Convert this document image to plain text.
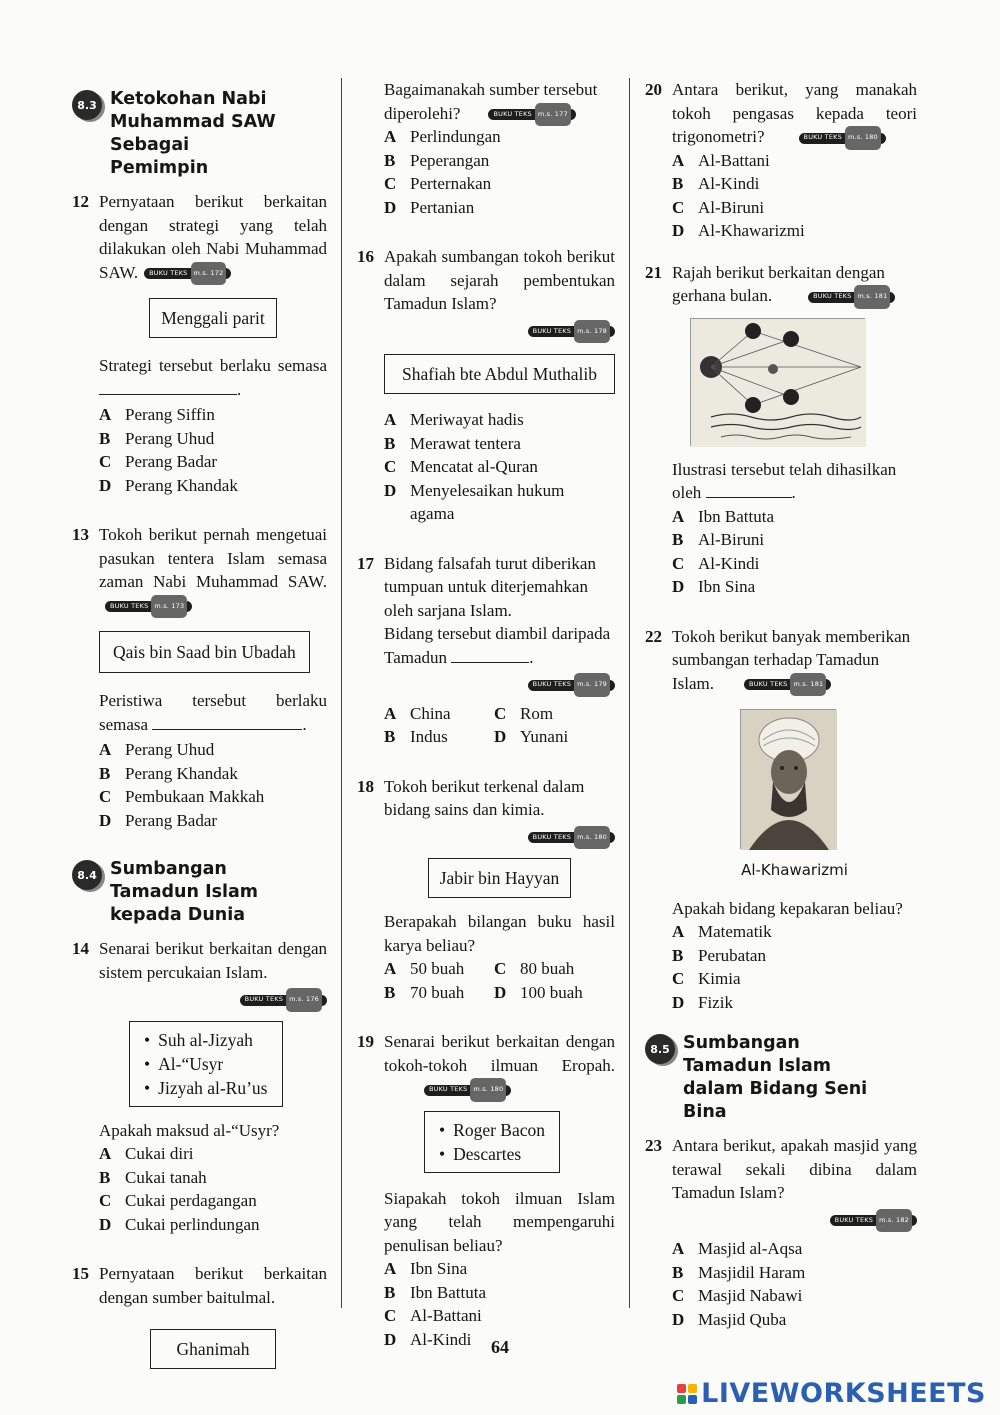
8.3 Ketokohan Nabi Muhammad SAW Sebagai Pemimpin
12 Pernyataan berikut berkaitan dengan strategi yang telah dilakukan oleh Nabi Muhammad SAW. BUKU TEKS m.s. 172
Menggali parit
Strategi tersebut berlaku semasa .
A Perang Siffin
B Perang Uhud
C Perang Badar
D Perang Khandak
13 Tokoh berikut pernah mengetuai pasukan tentera Islam semasa zaman Nabi Muhammad SAW.
BUKU TEKS m.s. 173
Qais bin Saad bin Ubadah
Peristiwa tersebut berlaku semasa	.
A Perang Uhud
B Perang Khandak
C Pembukaan Makkah
D Perang Badar
8.4 Sumbangan Tamadun Islam kepada Dunia
14 Senarai berikut berkaitan dengan sistem percukaian Islam.
BUKU TEKS m.s. 176
• Suh al-Jizyah
• Al-“Usyr
• Jizyah al-Ru’us
Apakah maksud al-“Usyr?
A Cukai diri
B Cukai tanah
C Cukai perdagangan
D Cukai perlindungan
15 Pernyataan berikut berkaitan dengan sumber baitulmal.
Ghanimah
Bagaimanakah sumber tersebut diperolehi?	BUKU TEKS m.s. 177
A Perlindungan
B Peperangan
C Perternakan
D Pertanian
16 Apakah sumbangan tokoh berikut dalam sejarah pembentukan Tamadun Islam?
BUKU TEKS m.s. 178
Shafiah bte Abdul Muthalib
A Meriwayat hadis
B Merawat tentera
C Mencatat al-Quran
D Menyelesaikan hukum agama
17 Bidang falsafah turut diberikan tumpuan untuk diterjemahkan oleh sarjana Islam.
Bidang tersebut diambil daripada Tamadun	.
BUKU TEKS m.s. 179
A China	C Rom
B Indus	D Yunani
18 Tokoh berikut terkenal dalam bidang sains dan kimia.
BUKU TEKS m.s. 180
Jabir bin Hayyan
Berapakah bilangan buku hasil karya beliau?
A 50 buah C 80 buah
B 70 buah D 100 buah
19 Senarai berikut berkaitan dengan tokoh-tokoh ilmuan Eropah.
BUKU TEKS m.s. 180
• Roger Bacon
• Descartes
Siapakah tokoh ilmuan Islam yang telah mempengaruhi penulisan beliau?
A Ibn Sina
B Ibn Battuta
C Al-Battani
D Al-Kindi
20 Antara berikut, yang manakah tokoh pengasas kepada teori trigonometri?	BUKU TEKS m.s. 180
A Al-Battani
B Al-Kindi
C Al-Biruni
D Al-Khawarizmi
21 Rajah berikut berkaitan dengan gerhana bulan.	BUKU TEKS m.s. 181
Ilustrasi tersebut telah dihasilkan oleh	.
A Ibn Battuta
B Al-Biruni
C Al-Kindi
D Ibn Sina
22 Tokoh berikut banyak memberikan sumbangan terhadap Tamadun Islam.	BUKU TEKS m.s. 181
Al-Khawarizmi
Apakah bidang kepakaran beliau?
A Matematik
B Perubatan
C Kimia
D Fizik
8.5 Sumbangan Tamadun Islam dalam Bidang Seni Bina
23 Antara berikut, apakah masjid yang terawal sekali dibina dalam Tamadun Islam?
BUKU TEKS m.s. 182
A Masjid al-Aqsa
B Masjidil Haram
C Masjid Nabawi
D Masjid Quba
64
LIVEWORKSHEETS
